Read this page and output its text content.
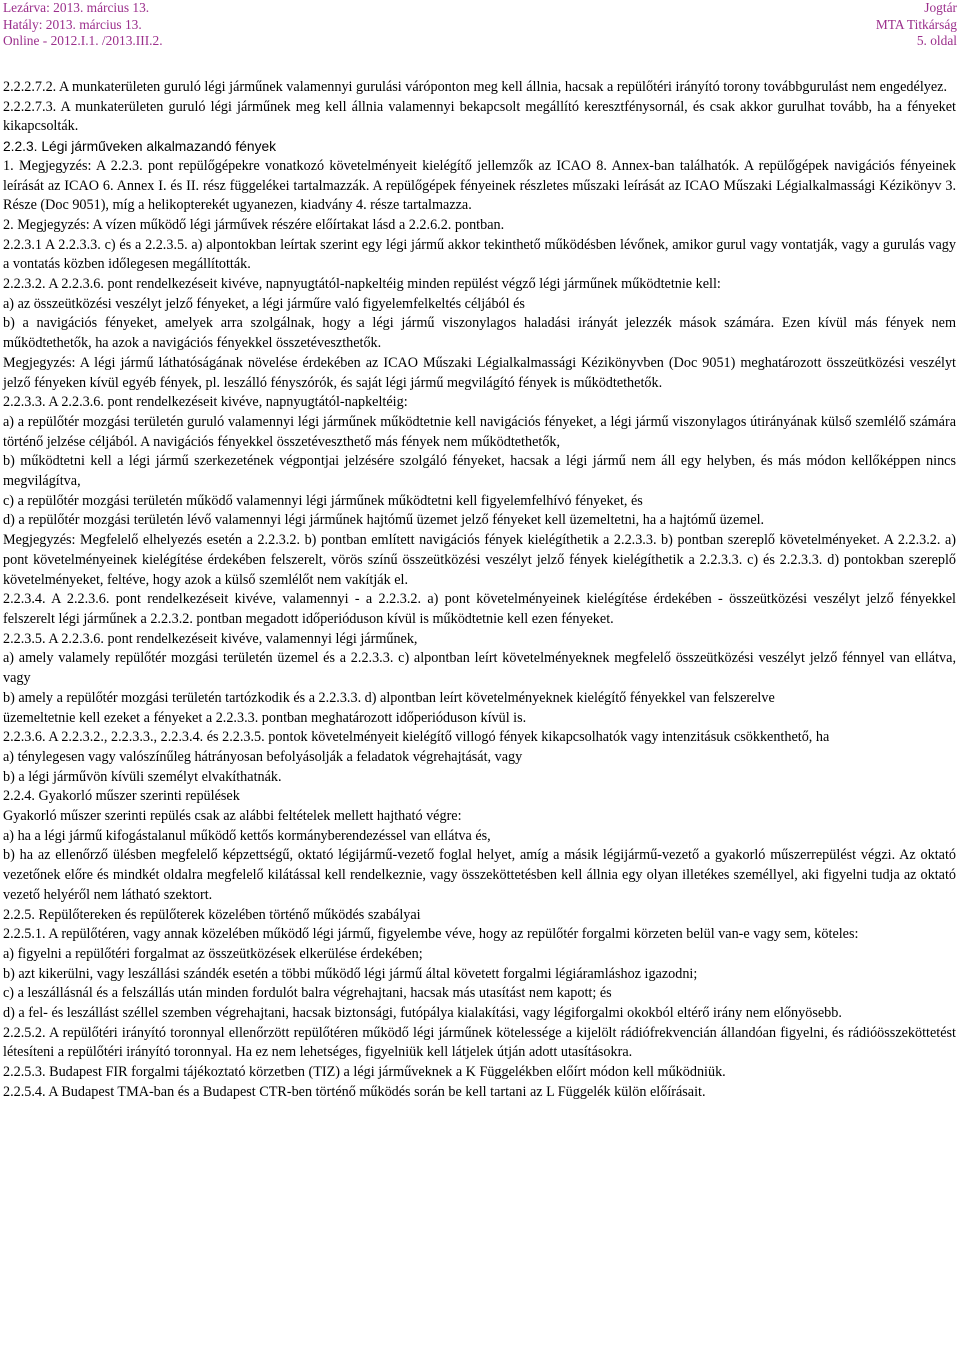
Lezárva: 2013. március 13.
Hatály: 2013. március 13.
Online - 2012.I.1. /2013.III.2.
Jogtár
MTA Titkárság
5. oldal

2.2.2.7.2. A munkaterületen guruló légi járműnek valamennyi gurulási váróponton meg kell állnia, hacsak a repülőtéri irányító torony továbbgurulást nem engedélyez.

2.2.2.7.3. A munkaterületen guruló légi járműnek meg kell állnia valamennyi bekapcsolt megállító keresztfénysornál, és csak akkor gurulhat tovább, ha a fényeket kikapcsolták.

2.2.3. Légi járműveken alkalmazandó fények

1. Megjegyzés: A 2.2.3. pont repülőgépekre vonatkozó követelményeit kielégítő jellemzők az ICAO 8. Annex-ban találhatók. A repülőgépek navigációs fényeinek leírását az ICAO 6. Annex I. és II. rész függelékei tartalmazzák. A repülőgépek fényeinek részletes műszaki leírását az ICAO Műszaki Légialkalmassági Kézikönyv 3. Része (Doc 9051), míg a helikopterekét ugyanezen, kiadvány 4. része tartalmazza.

2. Megjegyzés: A vízen működő légi járművek részére előírtakat lásd a 2.2.6.2. pontban.

2.2.3.1 A 2.2.3.3. c) és a 2.2.3.5. a) alpontokban leírtak szerint egy légi jármű akkor tekinthető működésben lévőnek, amikor gurul vagy vontatják, vagy a gurulás vagy a vontatás közben időlegesen megállították.

2.2.3.2. A 2.2.3.6. pont rendelkezéseit kivéve, napnyugtától-napkeltéig minden repülést végző légi járműnek működtetnie kell:

a) az összeütközési veszélyt jelző fényeket, a légi járműre való figyelemfelkeltés céljából és

b) a navigációs fényeket, amelyek arra szolgálnak, hogy a légi jármű viszonylagos haladási irányát jelezzék mások számára. Ezen kívül más fények nem működtethetők, ha azok a navigációs fényekkel összetéveszthetők.

Megjegyzés: A légi jármű láthatóságának növelése érdekében az ICAO Műszaki Légialkalmassági Kézikönyvben (Doc 9051) meghatározott összeütközési veszélyt jelző fényeken kívül egyéb fények, pl. leszálló fényszórók, és saját légi jármű megvilágító fények is működtethetők.

2.2.3.3. A 2.2.3.6. pont rendelkezéseit kivéve, napnyugtától-napkeltéig:

a) a repülőtér mozgási területén guruló valamennyi légi járműnek működtetnie kell navigációs fényeket, a légi jármű viszonylagos útirányának külső szemlélő számára történő jelzése céljából. A navigációs fényekkel összetéveszthető más fények nem működtethetők,

b) működtetni kell a légi jármű szerkezetének végpontjai jelzésére szolgáló fényeket, hacsak a légi jármű nem áll egy helyben, és más módon kellőképpen nincs megvilágítva,

c) a repülőtér mozgási területén működő valamennyi légi járműnek működtetni kell figyelemfelhívó fényeket, és

d) a repülőtér mozgási területén lévő valamennyi légi járműnek hajtómű üzemet jelző fényeket kell üzemeltetni, ha a hajtómű üzemel.

Megjegyzés: Megfelelő elhelyezés esetén a 2.2.3.2. b) pontban említett navigációs fények kielégíthetik a 2.2.3.3. b) pontban szereplő követelményeket. A 2.2.3.2. a) pont követelményeinek kielégítése érdekében felszerelt, vörös színű összeütközési veszélyt jelző fények kielégíthetik a 2.2.3.3. c) és 2.2.3.3. d) pontokban szereplő követelményeket, feltéve, hogy azok a külső szemlélőt nem vakítják el.

2.2.3.4. A 2.2.3.6. pont rendelkezéseit kivéve, valamennyi - a 2.2.3.2. a) pont követelményeinek kielégítése érdekében - összeütközési veszélyt jelző fényekkel felszerelt légi járműnek a 2.2.3.2. pontban megadott időperióduson kívül is működtetnie kell ezen fényeket.

2.2.3.5. A 2.2.3.6. pont rendelkezéseit kivéve, valamennyi légi járműnek,

a) amely valamely repülőtér mozgási területén üzemel és a 2.2.3.3. c) alpontban leírt követelményeknek megfelelő összeütközési veszélyt jelző fénnyel van ellátva, vagy

b) amely a repülőtér mozgási területén tartózkodik és a 2.2.3.3. d) alpontban leírt követelményeknek kielégítő fényekkel van felszerelve

üzemeltetnie kell ezeket a fényeket a 2.2.3.3. pontban meghatározott időperióduson kívül is.

2.2.3.6. A 2.2.3.2., 2.2.3.3., 2.2.3.4. és 2.2.3.5. pontok követelményeit kielégítő villogó fények kikapcsolhatók vagy intenzitásuk csökkenthető, ha

a) ténylegesen vagy valószínűleg hátrányosan befolyásolják a feladatok végrehajtását, vagy

b) a légi járművön kívüli személyt elvakíthatnák.

2.2.4. Gyakorló műszer szerinti repülések

Gyakorló műszer szerinti repülés csak az alábbi feltételek mellett hajtható végre:

a) ha a légi jármű kifogástalanul működő kettős kormányberendezéssel van ellátva és,

b) ha az ellenőrző ülésben megfelelő képzettségű, oktató légijármű-vezető foglal helyet, amíg a másik légijármű-vezető a gyakorló műszerrepülést végzi. Az oktató vezetőnek előre és mindkét oldalra megfelelő kilátással kell rendelkeznie, vagy összeköttetésben kell állnia egy olyan illetékes személlyel, aki figyelni tudja az oktató vezető helyéről nem látható szektort.

2.2.5. Repülőtereken és repülőterek közelében történő működés szabályai

2.2.5.1. A repülőtéren, vagy annak közelében működő légi jármű, figyelembe véve, hogy az repülőtér forgalmi körzeten belül van-e vagy sem, köteles:

a) figyelni a repülőtéri forgalmat az összeütközések elkerülése érdekében;

b) azt kikerülni, vagy leszállási szándék esetén a többi működő légi jármű által követett forgalmi légiáramláshoz igazodni;

c) a leszállásnál és a felszállás után minden fordulót balra végrehajtani, hacsak más utasítást nem kapott; és

d) a fel- és leszállást széllel szemben végrehajtani, hacsak biztonsági, futópálya kialakítási, vagy légiforgalmi okokból eltérő irány nem előnyösebb.

2.2.5.2. A repülőtéri irányító toronnyal ellenőrzött repülőtéren működő légi járműnek kötelessége a kijelölt rádiófrekvencián állandóan figyelni, és rádióösszeköttetést létesíteni a repülőtéri irányító toronnyal. Ha ez nem lehetséges, figyelniük kell látjelek útján adott utasításokra.

2.2.5.3. Budapest FIR forgalmi tájékoztató körzetben (TIZ) a légi járműveknek a K Függelékben előírt módon kell működniük.

2.2.5.4. A Budapest TMA-ban és a Budapest CTR-ben történő működés során be kell tartani az L Függelék külön előírásait.
